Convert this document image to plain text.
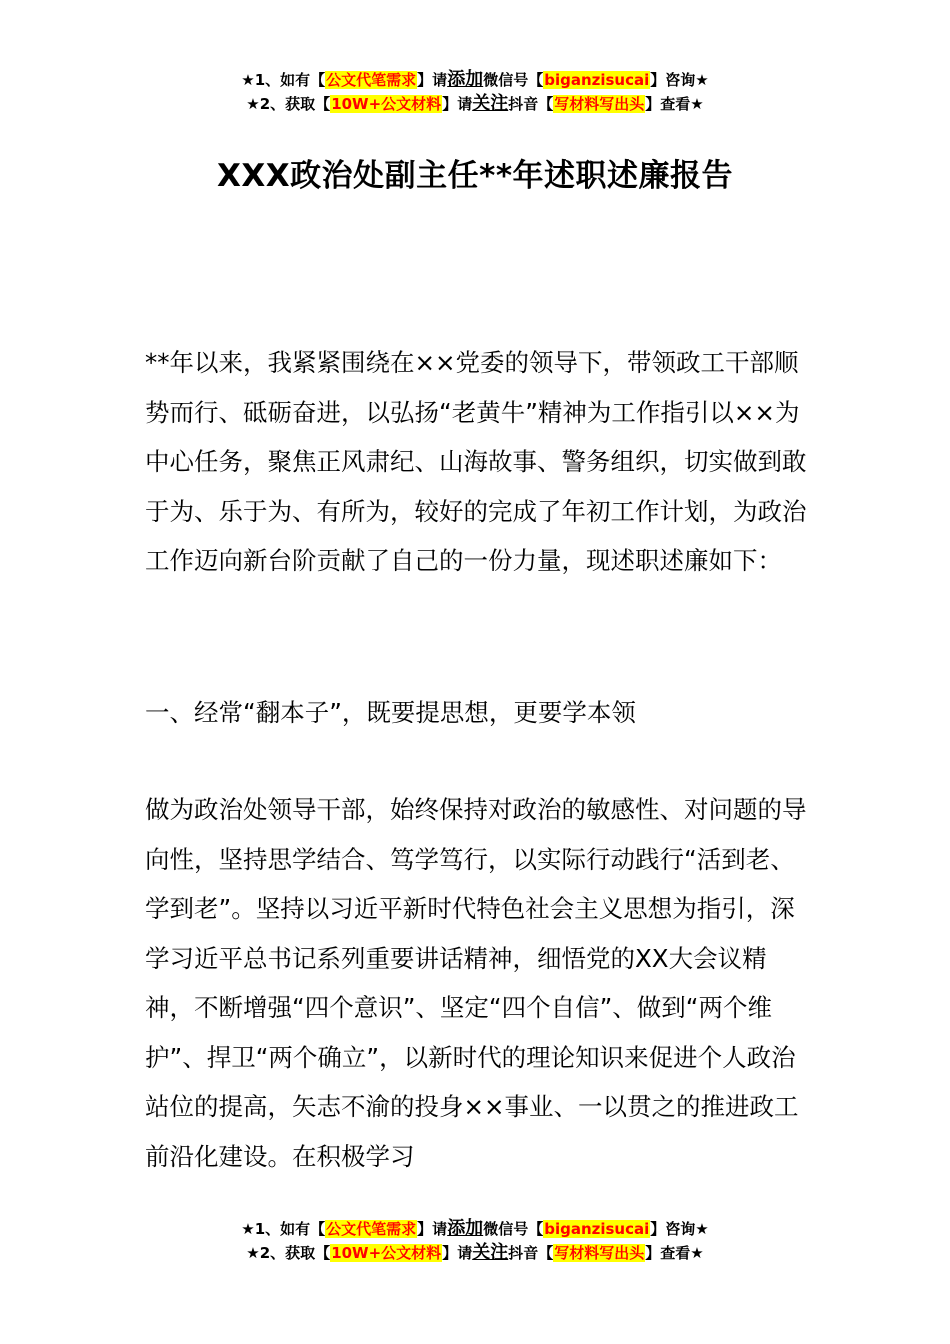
★1、如有【公文代笔需求】请添加微信号【biganzisucai】咨询★
★2、获取【10W+公文材料】请关注抖音【写材料写出头】查看★
XXX政治处副主任**年述职述廉报告

**年以来，我紧紧围绕在××党委的领导下，带领政工干部顺势而行、砥砺奋进，以弘扬“老黄牛”精神为工作指引以××为中心任务，聚焦正风肃纪、山海故事、警务组织，切实做到敢于为、乐于为、有所为，较好的完成了年初工作计划，为政治工作迈向新台阶贡献了自己的一份力量，现述职述廉如下：

一、经常“翻本子”，既要提思想，更要学本领

做为政治处领导干部，始终保持对政治的敏感性、对问题的导向性，坚持思学结合、笃学笃行，以实际行动践行“活到老、学到老”。坚持以习近平新时代特色社会主义思想为指引，深学习近平总书记系列重要讲话精神，细悟党的XX大会议精神，不断增强“四个意识”、坚定“四个自信”、做到“两个维护”、捍卫“两个确立”，以新时代的理论知识来促进个人政治站位的提高，矢志不渝的投身××事业、一以贯之的推进政工前沿化建设。在积极学习

★1、如有【公文代笔需求】请添加微信号【biganzisucai】咨询★
★2、获取【10W+公文材料】请关注抖音【写材料写出头】查看★
